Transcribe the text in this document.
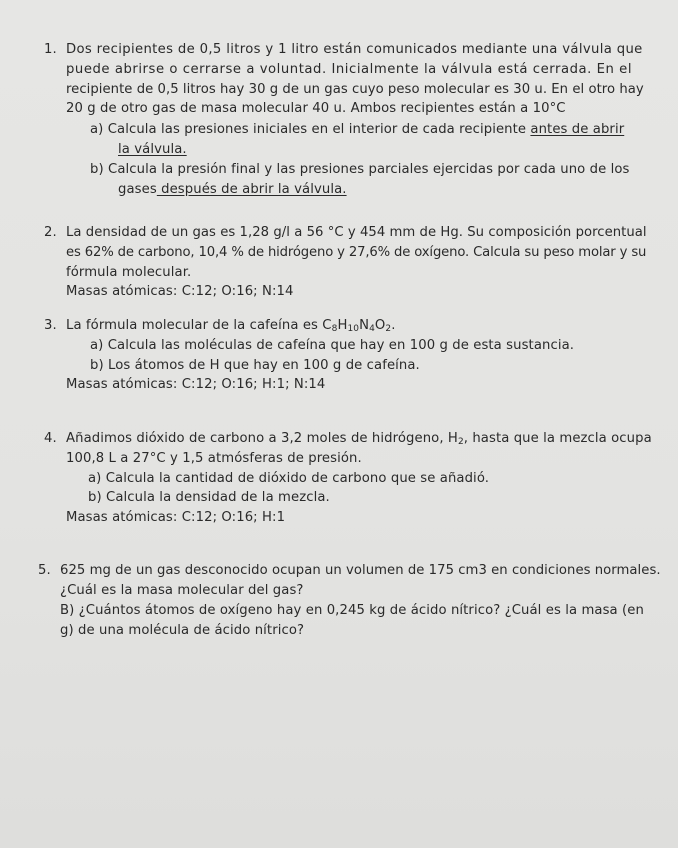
1. Dos recipientes de 0,5 litros y 1 litro están comunicados mediante una válvula que
puede abrirse o cerrarse a voluntad. Inicialmente la válvula está cerrada. En el
recipiente de 0,5 litros hay 30 g de un gas cuyo peso molecular es 30 u. En el otro hay
20 g de otro gas de masa molecular 40 u. Ambos recipientes están a 10°C
a) Calcula las presiones iniciales en el interior de cada recipiente antes de abrir
la válvula.
b) Calcula la presión final y las presiones parciales ejercidas por cada uno de los
gases después de abrir la válvula.
2. La densidad de un gas es 1,28 g/l a 56 °C y 454 mm de Hg. Su composición porcentual
es 62% de carbono, 10,4 % de hidrógeno y 27,6% de oxígeno. Calcula su peso molar y su
fórmula molecular.
Masas atómicas: C:12; O:16; N:14
3. La fórmula molecular de la cafeína es $C_8H_{10}N_4O_2$.
a) Calcula las moléculas de cafeína que hay en 100 g de esta sustancia.
b) Los átomos de H que hay en 100 g de cafeína.
Masas atómicas: C:12; O:16; H:1; N:14
4. Añadimos dióxido de carbono a 3,2 moles de hidrógeno, $H_2$, hasta que la mezcla ocupa
100,8 L a 27°C y 1,5 atmósferas de presión.
a) Calcula la cantidad de dióxido de carbono que se añadió.
b) Calcula la densidad de la mezcla.
Masas atómicas: C:12; O:16; H:1
5. 625 mg de un gas desconocido ocupan un volumen de 175 cm3 en condiciones normales.
¿Cuál es la masa molecular del gas?
B) ¿Cuántos átomos de oxígeno hay en 0,245 kg de ácido nítrico? ¿Cuál es la masa (en
g) de una molécula de ácido nítrico?
